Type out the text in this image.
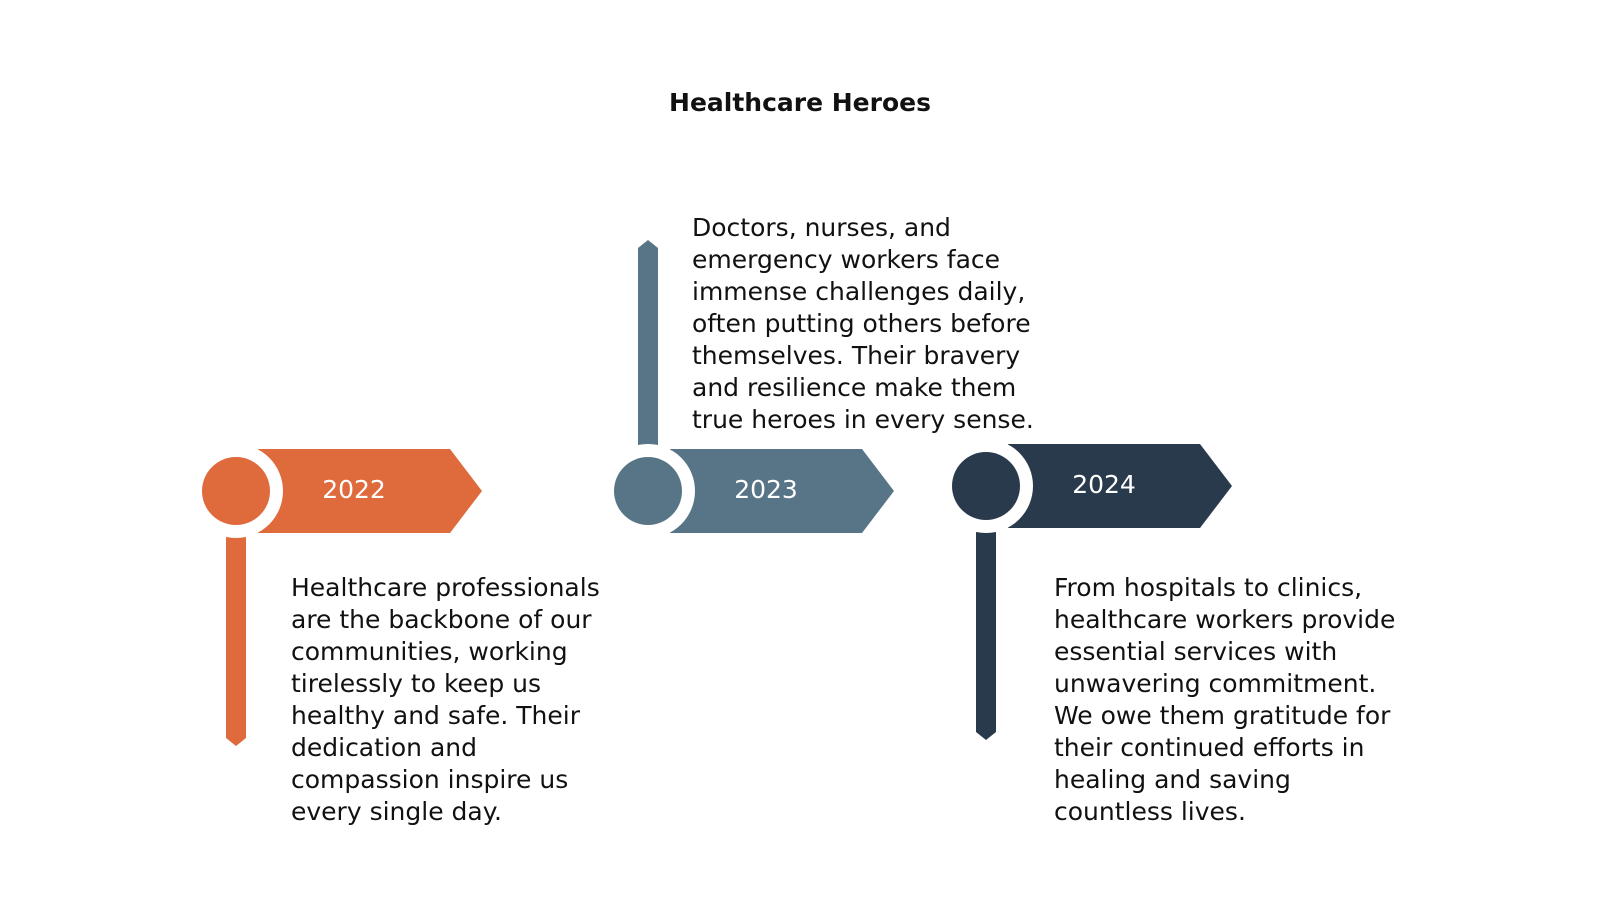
Healthcare Heroes
2022	2023	2024

Healthcare professionals are the backbone of our communities, working tirelessly to keep us healthy and safe. Their dedication and compassion inspire us every single day.

Doctors, nurses, and emergency workers face immense challenges daily, often putting others before themselves. Their bravery and resilience make them true heroes in every sense.

From hospitals to clinics, healthcare workers provide essential services with unwavering commitment. We owe them gratitude for their continued efforts in healing and saving countless lives.
